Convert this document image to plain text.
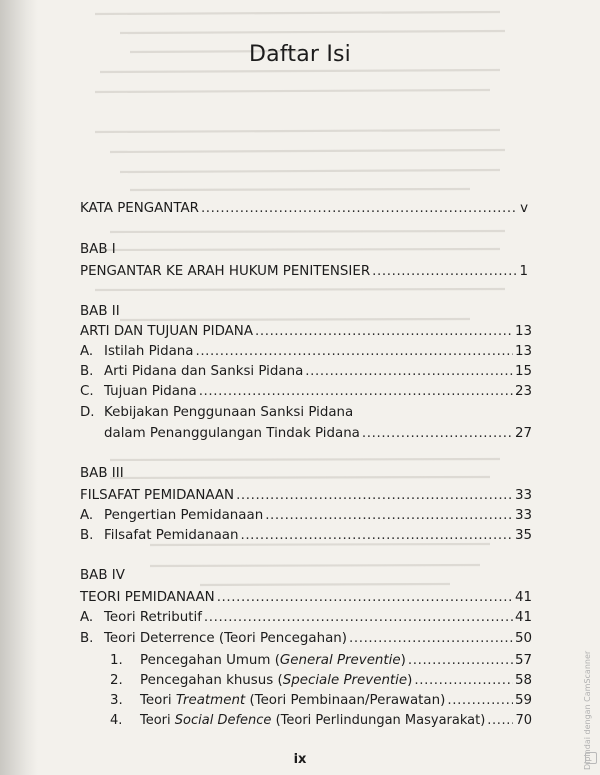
Daftar Isi
KATA PENGANTAR .....	v
BAB I
PENGANTAR KE ARAH HUKUM PENITENSIER .....	1
BAB II
ARTI DAN TUJUAN PIDANA .....	13
A. Istilah Pidana .....	13
B. Arti Pidana dan Sanksi Pidana .....	15
C. Tujuan Pidana .....	23
D. Kebijakan Penggunaan Sanksi Pidana
dalam Penanggulangan Tindak Pidana .....	27
BAB III
FILSAFAT PEMIDANAAN .....	33
A. Pengertian Pemidanaan .....	33
B. Filsafat Pemidanaan .....	35
BAB IV
TEORI PEMIDANAAN .....	41
A. Teori Retributif .....	41
B. Teori Deterrence (Teori Pencegahan) .....	50
1.	Pencegahan Umum (General Preventie) .....	57
2.	Pencegahan khusus (Speciale Preventie) .....	58
3.	Teori Treatment (Teori Pembinaan/Perawatan) .....	59
4.	Teori Social Defence (Teori Perlindungan Masyarakat) ..... 70
ix	Dipindai dengan CamScanner
